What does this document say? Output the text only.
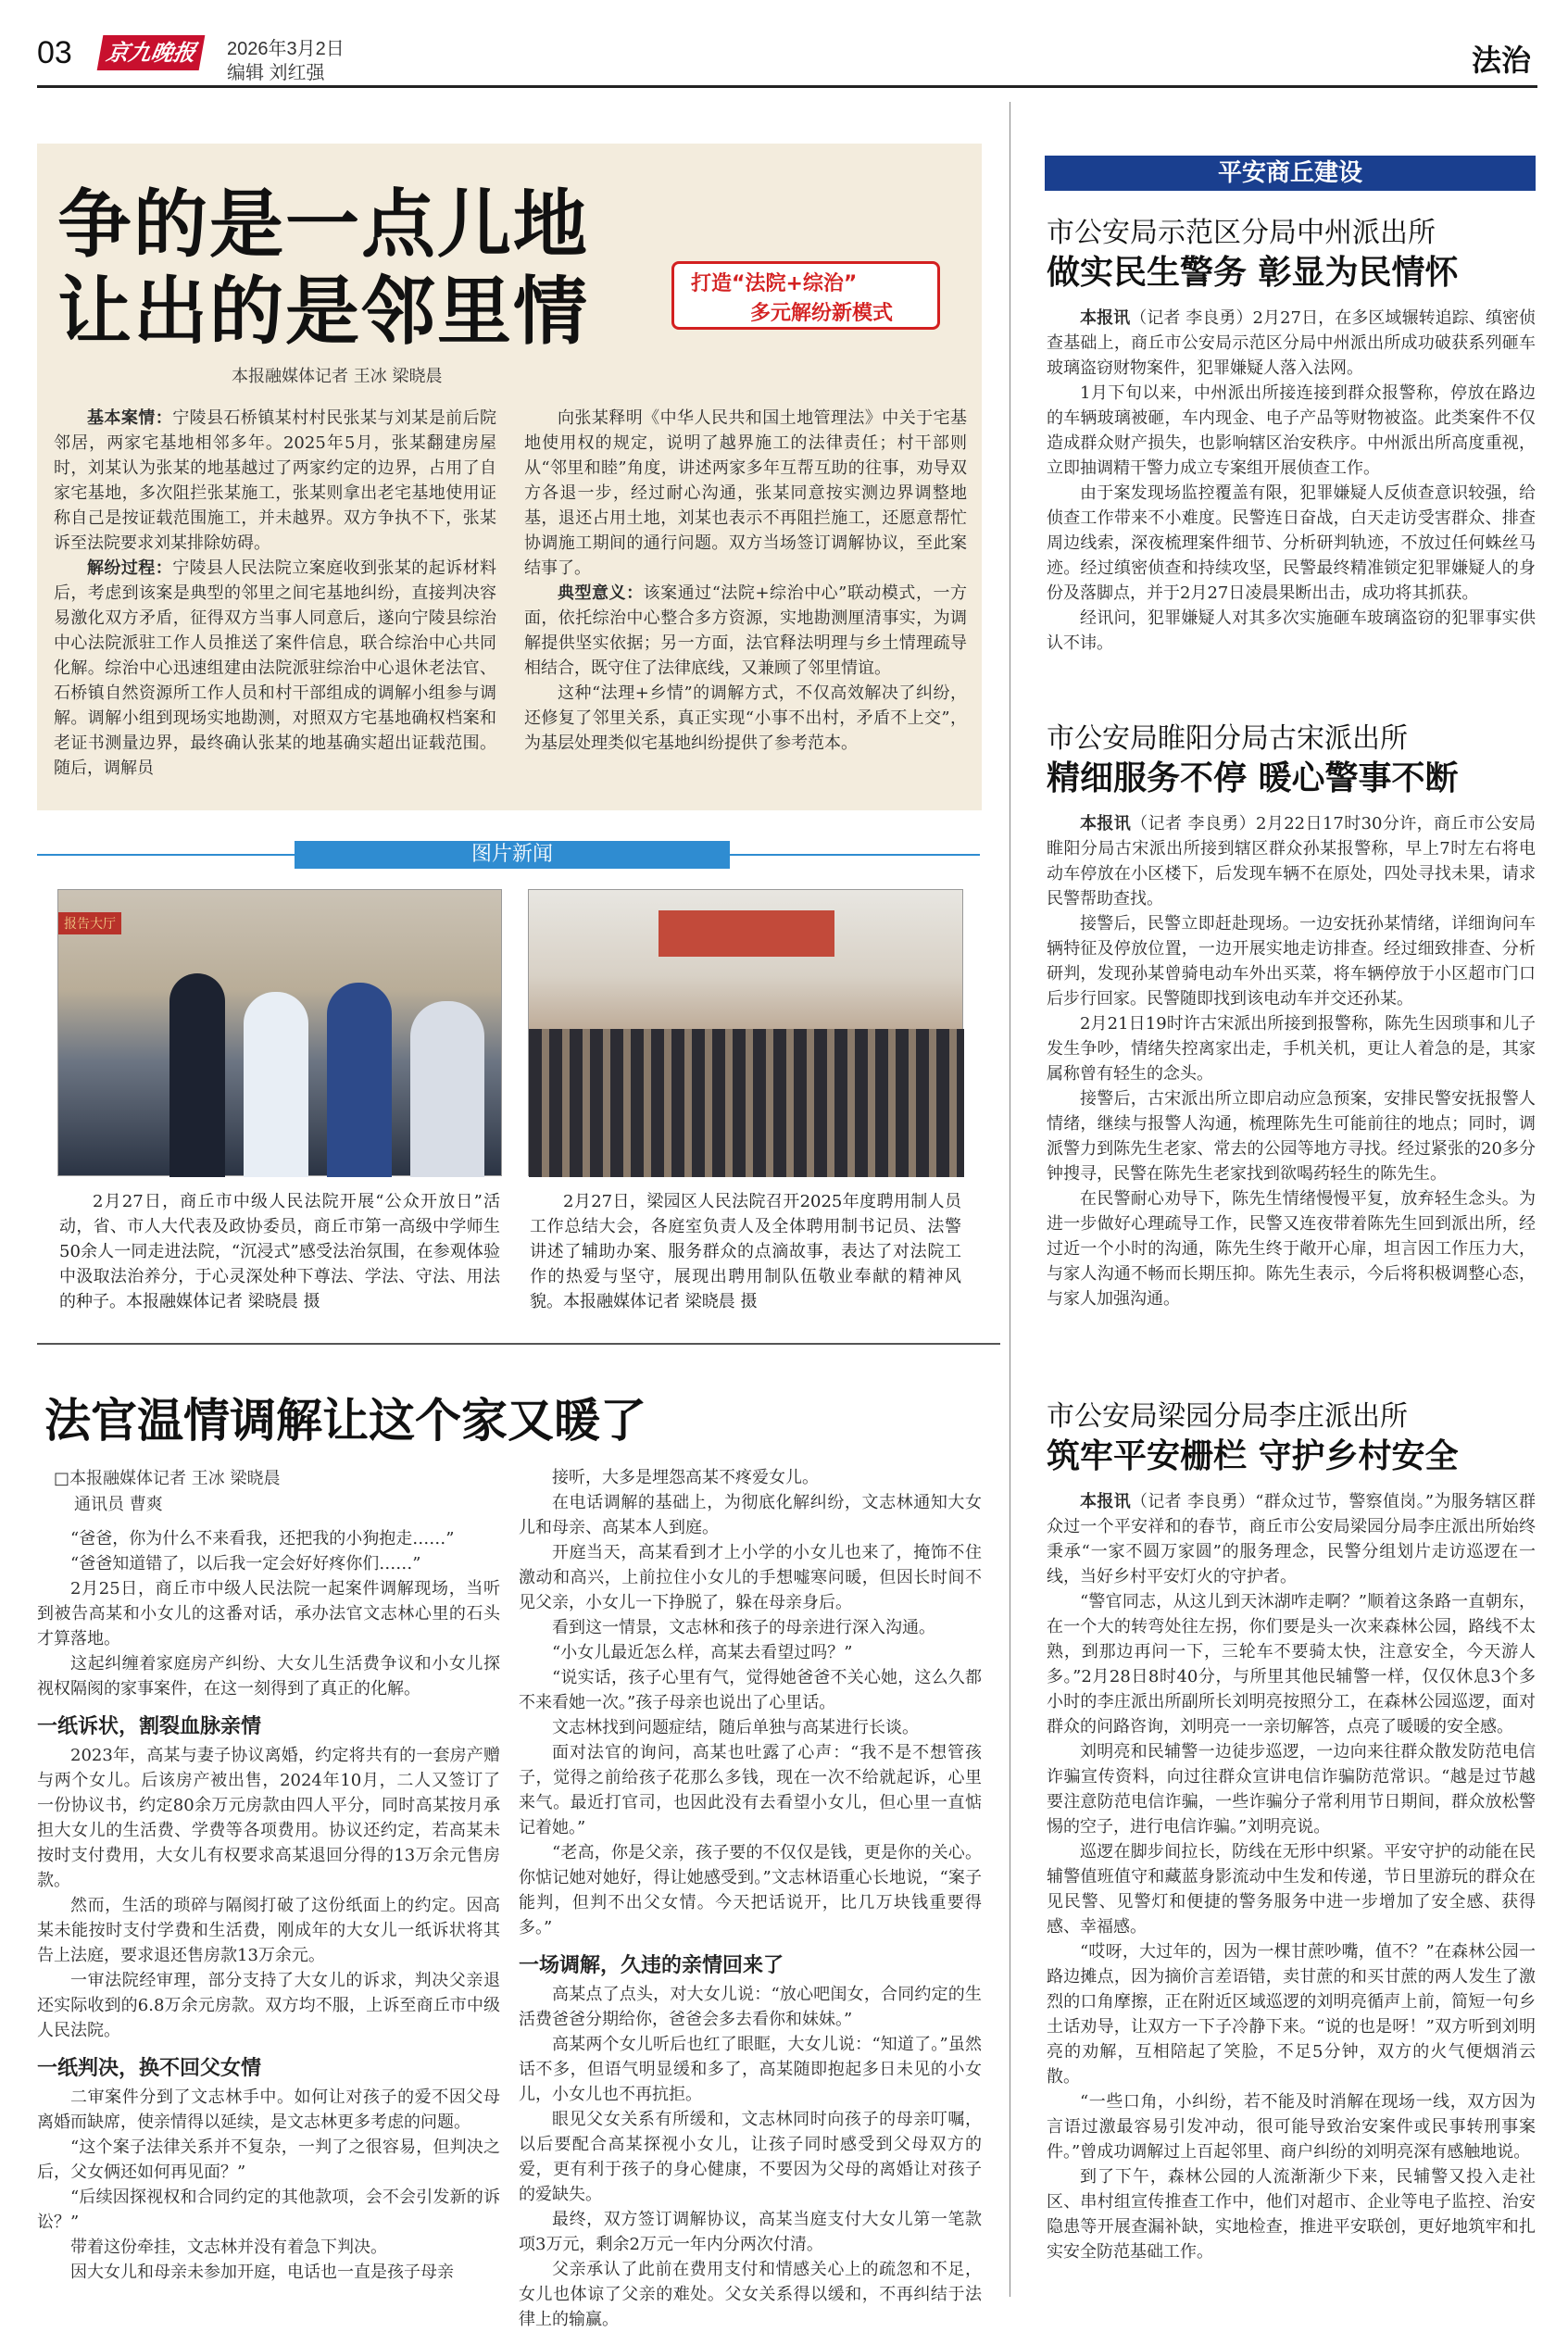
03	京九晚报	2026年3月2日
编辑 刘红强	法治
争的是一点儿地
让出的是邻里情	打造“法院+综治”
多元解纷新模式
本报融媒体记者 王冰 梁晓晨
基本案情：宁陵县石桥镇某村村民张某与刘某是前后院邻居，两家宅基地相邻多年。2025年5月，张某翻建房屋时，刘某认为张某的地基越过了两家约定的边界，占用了自家宅基地，多次阻拦张某施工，张某则拿出老宅基地使用证称自己是按证载范围施工，并未越界。双方争执不下，张某诉至法院要求刘某排除妨碍。
解纷过程：宁陵县人民法院立案庭收到张某的起诉材料后，考虑到该案是典型的邻里之间宅基地纠纷，直接判决容易激化双方矛盾，征得双方当事人同意后，遂向宁陵县综治中心法院派驻工作人员推送了案件信息，联合综治中心共同化解。综治中心迅速组建由法院派驻综治中心退休老法官、石桥镇自然资源所工作人员和村干部组成的调解小组参与调解。调解小组到现场实地勘测，对照双方宅基地确权档案和老证书测量边界，最终确认张某的地基确实超出证载范围。随后，调解员
向张某释明《中华人民共和国土地管理法》中关于宅基地使用权的规定，说明了越界施工的法律责任；村干部则从“邻里和睦”角度，讲述两家多年互帮互助的往事，劝导双方各退一步，经过耐心沟通，张某同意按实测边界调整地基，退还占用土地，刘某也表示不再阻拦施工，还愿意帮忙协调施工期间的通行问题。双方当场签订调解协议，至此案结事了。
典型意义：该案通过“法院+综治中心”联动模式，一方面，依托综治中心整合多方资源，实地勘测厘清事实，为调解提供坚实依据；另一方面，法官释法明理与乡土情理疏导相结合，既守住了法律底线，又兼顾了邻里情谊。
这种“法理+乡情”的调解方式，不仅高效解决了纠纷，还修复了邻里关系，真正实现“小事不出村，矛盾不上交”，为基层处理类似宅基地纠纷提供了参考范本。
图片新闻
报告大厅
2月27日，商丘市中级人民法院开展“公众开放日”活动，省、市人大代表及政协委员，商丘市第一高级中学师生50余人一同走进法院，“沉浸式”感受法治氛围，在参观体验中汲取法治养分，于心灵深处种下尊法、学法、守法、用法的种子。本报融媒体记者 梁晓晨 摄
2月27日，梁园区人民法院召开2025年度聘用制人员工作总结大会，各庭室负责人及全体聘用制书记员、法警讲述了辅助办案、服务群众的点滴故事，表达了对法院工作的热爱与坚守，展现出聘用制队伍敬业奉献的精神风貌。本报融媒体记者 梁晓晨 摄
法官温情调解让这个家又暖了
□本报融媒体记者 王冰 梁晓晨
通讯员 曹爽
“爸爸，你为什么不来看我，还把我的小狗抱走……”
“爸爸知道错了，以后我一定会好好疼你们……”
2月25日，商丘市中级人民法院一起案件调解现场，当听到被告高某和小女儿的这番对话，承办法官文志林心里的石头才算落地。
这起纠缠着家庭房产纠纷、大女儿生活费争议和小女儿探视权隔阂的家事案件，在这一刻得到了真正的化解。
一纸诉状，割裂血脉亲情
2023年，高某与妻子协议离婚，约定将共有的一套房产赠与两个女儿。后该房产被出售，2024年10月，二人又签订了一份协议书，约定80余万元房款由四人平分，同时高某按月承担大女儿的生活费、学费等各项费用。协议还约定，若高某未按时支付费用，大女儿有权要求高某退回分得的13万余元售房款。
然而，生活的琐碎与隔阂打破了这份纸面上的约定。因高某未能按时支付学费和生活费，刚成年的大女儿一纸诉状将其告上法庭，要求退还售房款13万余元。
一审法院经审理，部分支持了大女儿的诉求，判决父亲退还实际收到的6.8万余元房款。双方均不服，上诉至商丘市中级人民法院。
一纸判决，换不回父女情
二审案件分到了文志林手中。如何让对孩子的爱不因父母离婚而缺席，使亲情得以延续，是文志林更多考虑的问题。
“这个案子法律关系并不复杂，一判了之很容易，但判决之后，父女俩还如何再见面？”
“后续因探视权和合同约定的其他款项，会不会引发新的诉讼？”
带着这份牵挂，文志林并没有着急下判决。
因大女儿和母亲未参加开庭，电话也一直是孩子母亲
接听，大多是埋怨高某不疼爱女儿。
在电话调解的基础上，为彻底化解纠纷，文志林通知大女儿和母亲、高某本人到庭。
开庭当天，高某看到才上小学的小女儿也来了，掩饰不住激动和高兴，上前拉住小女儿的手想嘘寒问暖，但因长时间不见父亲，小女儿一下挣脱了，躲在母亲身后。
看到这一情景，文志林和孩子的母亲进行深入沟通。
“小女儿最近怎么样，高某去看望过吗？”
“说实话，孩子心里有气，觉得她爸爸不关心她，这么久都不来看她一次。”孩子母亲也说出了心里话。
文志林找到问题症结，随后单独与高某进行长谈。
面对法官的询问，高某也吐露了心声：“我不是不想管孩子，觉得之前给孩子花那么多钱，现在一次不给就起诉，心里来气。最近打官司，也因此没有去看望小女儿，但心里一直惦记着她。”
“老高，你是父亲，孩子要的不仅仅是钱，更是你的关心。你惦记她对她好，得让她感受到。”文志林语重心长地说，“案子能判，但判不出父女情。今天把话说开，比几万块钱重要得多。”
一场调解，久违的亲情回来了
高某点了点头，对大女儿说：“放心吧闺女，合同约定的生活费爸爸分期给你，爸爸会多去看你和妹妹。”
高某两个女儿听后也红了眼眶，大女儿说：“知道了。”虽然话不多，但语气明显缓和多了，高某随即抱起多日未见的小女儿，小女儿也不再抗拒。
眼见父女关系有所缓和，文志林同时向孩子的母亲叮嘱，以后要配合高某探视小女儿，让孩子同时感受到父母双方的爱，更有利于孩子的身心健康，不要因为父母的离婚让对孩子的爱缺失。
最终，双方签订调解协议，高某当庭支付大女儿第一笔款项3万元，剩余2万元一年内分两次付清。
父亲承认了此前在费用支付和情感关心上的疏忽和不足，女儿也体谅了父亲的难处。父女关系得以缓和，不再纠结于法律上的输赢。
平安商丘建设
市公安局示范区分局中州派出所
做实民生警务 彰显为民情怀
本报讯（记者 李良勇）2月27日，在多区域辗转追踪、缜密侦查基础上，商丘市公安局示范区分局中州派出所成功破获系列砸车玻璃盗窃财物案件，犯罪嫌疑人落入法网。
1月下旬以来，中州派出所接连接到群众报警称，停放在路边的车辆玻璃被砸，车内现金、电子产品等财物被盗。此类案件不仅造成群众财产损失，也影响辖区治安秩序。中州派出所高度重视，立即抽调精干警力成立专案组开展侦查工作。
由于案发现场监控覆盖有限，犯罪嫌疑人反侦查意识较强，给侦查工作带来不小难度。民警连日奋战，白天走访受害群众、排查周边线索，深夜梳理案件细节、分析研判轨迹，不放过任何蛛丝马迹。经过缜密侦查和持续攻坚，民警最终精准锁定犯罪嫌疑人的身份及落脚点，并于2月27日凌晨果断出击，成功将其抓获。
经讯问，犯罪嫌疑人对其多次实施砸车玻璃盗窃的犯罪事实供认不讳。
市公安局睢阳分局古宋派出所
精细服务不停 暖心警事不断
本报讯（记者 李良勇）2月22日17时30分许，商丘市公安局睢阳分局古宋派出所接到辖区群众孙某报警称，早上7时左右将电动车停放在小区楼下，后发现车辆不在原处，四处寻找未果，请求民警帮助查找。
接警后，民警立即赶赴现场。一边安抚孙某情绪，详细询问车辆特征及停放位置，一边开展实地走访排查。经过细致排查、分析研判，发现孙某曾骑电动车外出买菜，将车辆停放于小区超市门口后步行回家。民警随即找到该电动车并交还孙某。
2月21日19时许古宋派出所接到报警称，陈先生因琐事和儿子发生争吵，情绪失控离家出走，手机关机，更让人着急的是，其家属称曾有轻生的念头。
接警后，古宋派出所立即启动应急预案，安排民警安抚报警人情绪，继续与报警人沟通，梳理陈先生可能前往的地点；同时，调派警力到陈先生老家、常去的公园等地方寻找。经过紧张的20多分钟搜寻，民警在陈先生老家找到欲喝药轻生的陈先生。
在民警耐心劝导下，陈先生情绪慢慢平复，放弃轻生念头。为进一步做好心理疏导工作，民警又连夜带着陈先生回到派出所，经过近一个小时的沟通，陈先生终于敞开心扉，坦言因工作压力大，与家人沟通不畅而长期压抑。陈先生表示，今后将积极调整心态，与家人加强沟通。
市公安局梁园分局李庄派出所
筑牢平安栅栏 守护乡村安全
本报讯（记者 李良勇）“群众过节，警察值岗。”为服务辖区群众过一个平安祥和的春节，商丘市公安局梁园分局李庄派出所始终秉承“一家不圆万家圆”的服务理念，民警分组划片走访巡逻在一线，当好乡村平安灯火的守护者。
“警官同志，从这儿到天沐湖咋走啊？”顺着这条路一直朝东，在一个大的转弯处往左拐，你们要是头一次来森林公园，路线不太熟，到那边再问一下，三轮车不要骑太快，注意安全，今天游人多。”2月28日8时40分，与所里其他民辅警一样，仅仅休息3个多小时的李庄派出所副所长刘明亮按照分工，在森林公园巡逻，面对群众的问路咨询，刘明亮一一亲切解答，点亮了暖暖的安全感。
刘明亮和民辅警一边徒步巡逻，一边向来往群众散发防范电信诈骗宣传资料，向过往群众宣讲电信诈骗防范常识。“越是过节越要注意防范电信诈骗，一些诈骗分子常利用节日期间，群众放松警惕的空子，进行电信诈骗。”刘明亮说。
巡逻在脚步间拉长，防线在无形中织紧。平安守护的动能在民辅警值班值守和藏蓝身影流动中生发和传递，节日里游玩的群众在见民警、见警灯和便捷的警务服务中进一步增加了安全感、获得感、幸福感。
“哎呀，大过年的，因为一棵甘蔗吵嘴，值不？”在森林公园一路边摊点，因为摘价言差语错，卖甘蔗的和买甘蔗的两人发生了激烈的口角摩擦，正在附近区域巡逻的刘明亮循声上前，简短一句乡土话劝导，让双方一下子冷静下来。“说的也是呀！”双方听到刘明亮的劝解，互相陪起了笑脸，不足5分钟，双方的火气便烟消云散。
“一些口角，小纠纷，若不能及时消解在现场一线，双方因为言语过激最容易引发冲动，很可能导致治安案件或民事转刑事案件。”曾成功调解过上百起邻里、商户纠纷的刘明亮深有感触地说。
到了下午，森林公园的人流渐渐少下来，民辅警又投入走社区、串村组宣传推查工作中，他们对超市、企业等电子监控、治安隐患等开展查漏补缺，实地检查，推进平安联创，更好地筑牢和扎实安全防范基础工作。
